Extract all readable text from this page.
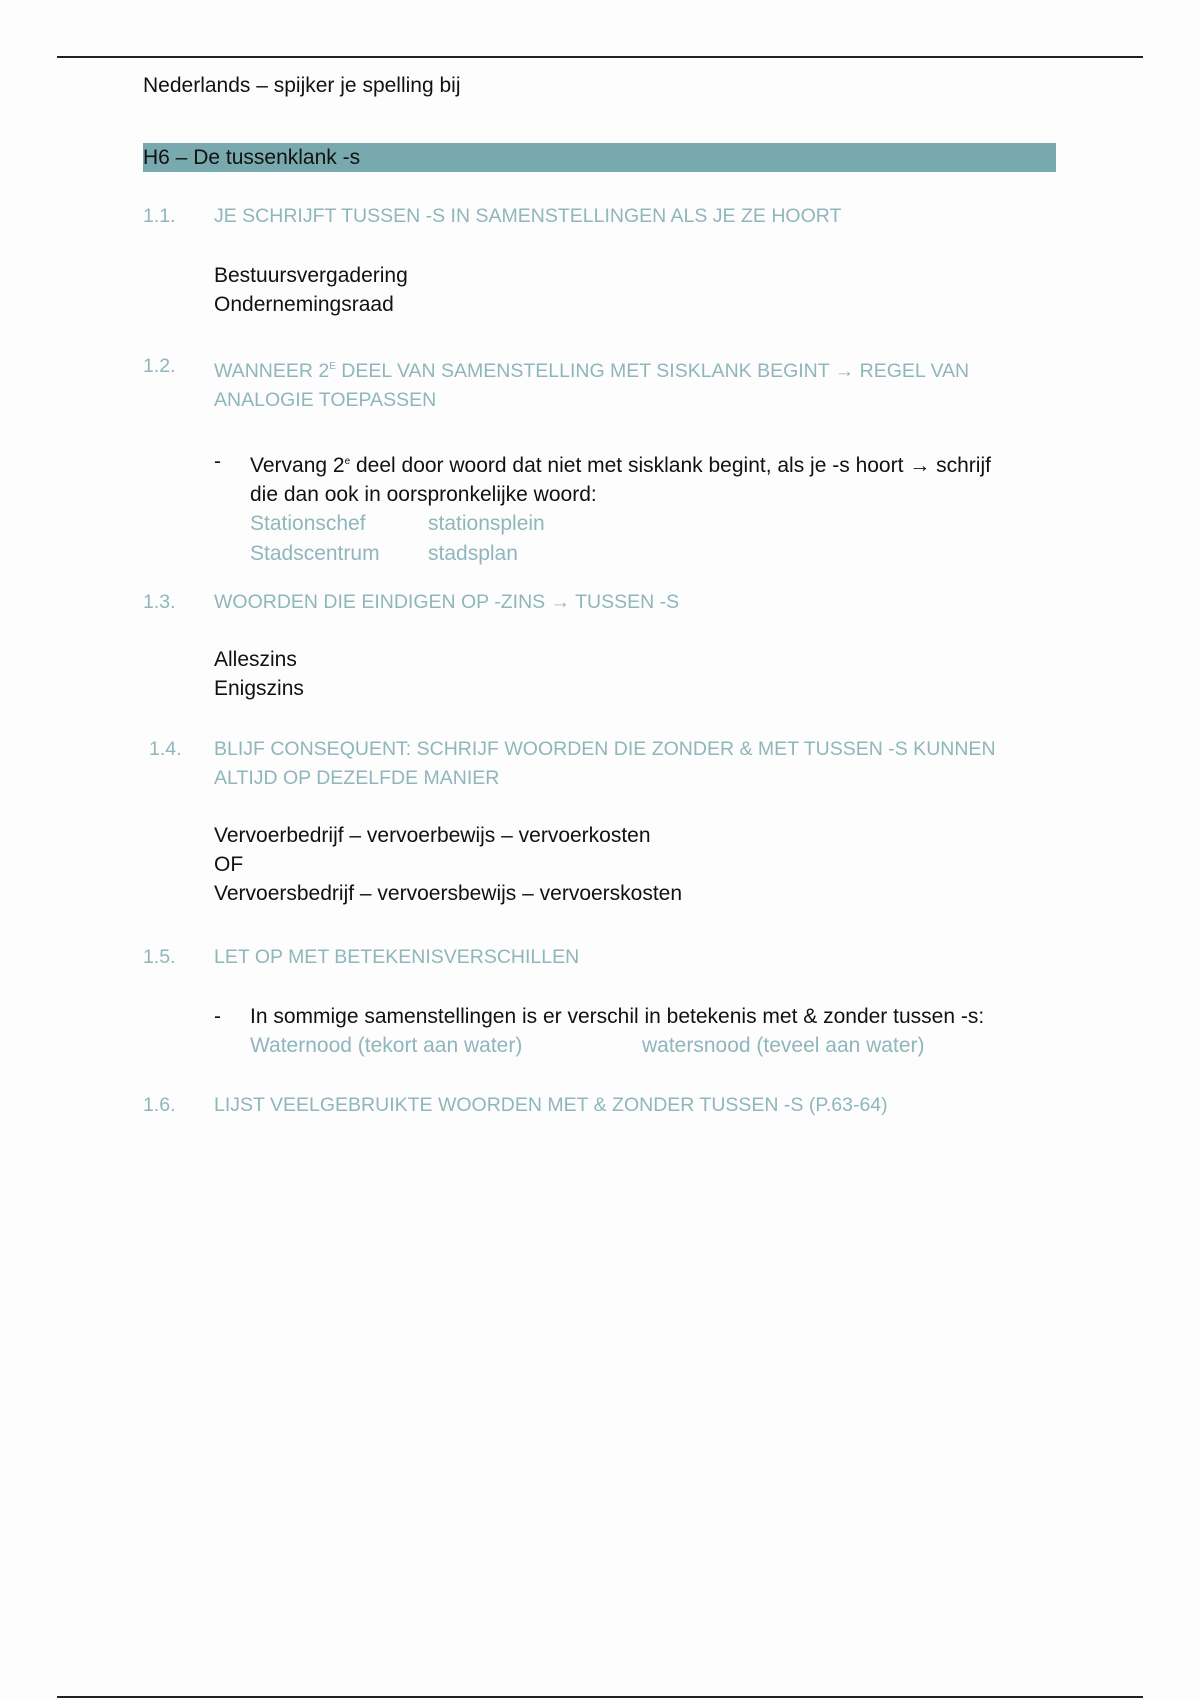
Nederlands – spijker je spelling bij
H6 – De tussenklank -s
1.1. JE SCHRIJFT TUSSEN -S IN SAMENSTELLINGEN ALS JE ZE HOORT
Bestuursvergadering
Ondernemingsraad
1.2. WANNEER $2^E$ DEEL VAN SAMENSTELLING MET SISKLANK BEGINT → REGEL VAN
ANALOGIE TOEPASSEN
- Vervang 2e deel door woord dat niet met sisklank begint, als je -s hoort → schrijf
die dan ook in oorspronkelijke woord:
Stationschef	stationsplein
Stadscentrum stadsplan
1.3. WOORDEN DIE EINDIGEN OP -ZINS → TUSSEN -S
Alleszins
Enigszins
1.4. BLIJF CONSEQUENT: SCHRIJF WOORDEN DIE ZONDER & MET TUSSEN -S KUNNEN
ALTIJD OP DEZELFDE MANIER
Vervoerbedrijf – vervoerbewijs – vervoerkosten
OF
Vervoersbedrijf – vervoersbewijs – vervoerskosten
1.5. LET OP MET BETEKENISVERSCHILLEN
- In sommige samenstellingen is er verschil in betekenis met & zonder tussen -s:
Waternood (tekort aan water)	watersnood (teveel aan water)
1.6. LIJST VEELGEBRUIKTE WOORDEN MET & ZONDER TUSSEN -S (P.63-64)
